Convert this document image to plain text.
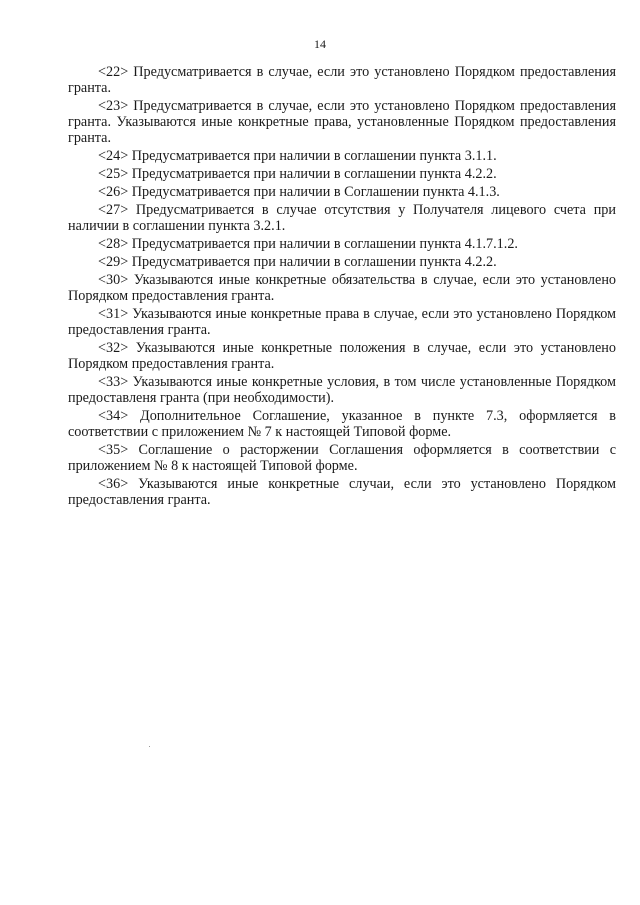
14

<22> Предусматривается в случае, если это установлено Порядком предоставления гранта.

<23> Предусматривается в случае, если это установлено Порядком предоставления гранта. Указываются иные конкретные права, установленные Порядком предоставления гранта.

<24> Предусматривается при наличии в соглашении пункта 3.1.1.

<25> Предусматривается при наличии в соглашении пункта 4.2.2.

<26> Предусматривается при наличии в Соглашении пункта 4.1.3.

<27> Предусматривается в случае отсутствия у Получателя лицевого счета при наличии в соглашении пункта 3.2.1.

<28> Предусматривается при наличии в соглашении пункта 4.1.7.1.2.

<29> Предусматривается при наличии в соглашении пункта 4.2.2.

<30> Указываются иные конкретные обязательства в случае, если это установлено Порядком предоставления гранта.

<31> Указываются иные конкретные права в случае, если это установлено Порядком предоставления гранта.

<32> Указываются иные конкретные положения в случае, если это установлено Порядком предоставления гранта.

<33> Указываются иные конкретные условия, в том числе установленные Порядком предоставленя гранта (при необходимости).

<34> Дополнительное Соглашение, указанное в пункте 7.3, оформляется в соответствии с приложением № 7 к настоящей Типовой форме.

<35> Соглашение о расторжении Соглашения оформляется в соответствии с приложением № 8 к настоящей Типовой форме.

<36> Указываются иные конкретные случаи, если это установлено Порядком предоставления гранта.
